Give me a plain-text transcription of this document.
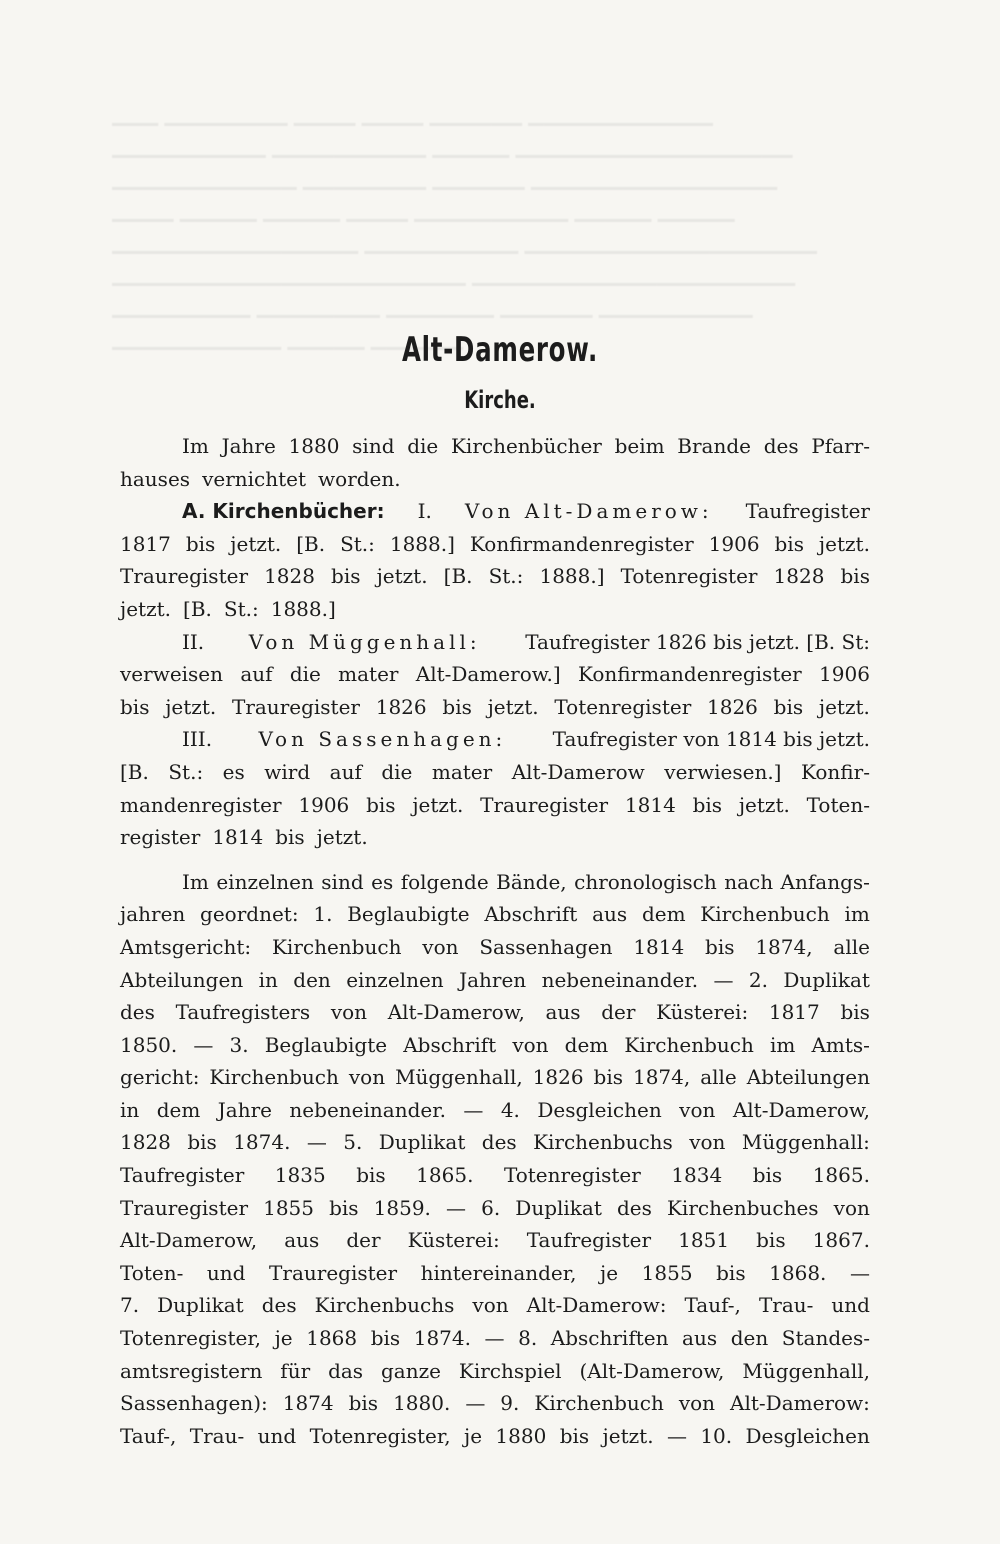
▁▁▁ ▁▁▁▁▁▁▁▁ ▁▁▁▁ ▁▁▁▁ ▁▁▁▁▁▁ ▁▁▁▁▁▁▁▁▁▁▁▁
▁▁▁▁▁▁▁▁▁▁ ▁▁▁▁▁▁▁▁▁▁ ▁▁▁▁▁ ▁▁▁▁▁▁▁▁▁▁▁▁▁▁▁▁▁▁
▁▁▁▁▁▁▁▁▁▁▁▁ ▁▁▁▁▁▁▁▁ ▁▁▁▁▁▁ ▁▁▁▁▁▁▁▁▁▁▁▁▁▁▁▁
▁▁▁▁ ▁▁▁▁▁ ▁▁▁▁▁ ▁▁▁▁ ▁▁▁▁▁▁▁▁▁▁ ▁▁▁▁▁ ▁▁▁▁▁
▁▁▁▁▁▁▁▁▁▁▁▁▁▁▁▁ ▁▁▁▁▁▁▁▁▁▁ ▁▁▁▁▁▁▁▁▁▁▁▁▁▁▁▁▁▁▁
▁▁▁▁▁▁▁▁▁▁▁▁▁▁▁▁▁▁▁▁▁▁▁ ▁▁▁▁▁▁▁▁▁▁▁▁▁▁▁▁▁▁▁▁▁
▁▁▁▁▁▁▁▁▁ ▁▁▁▁▁▁▁▁ ▁▁▁▁▁▁▁ ▁▁▁▁▁▁ ▁▁▁▁▁▁▁▁▁▁
▁▁▁▁▁▁▁▁▁▁▁ ▁▁▁▁▁ ▁▁▁▁▁▁
Alt-Damerow.
Kirche.
Im Jahre 1880 sind die Kirchenbücher beim Brande des Pfarr-
hauses vernichtet worden.
A. Kirchenbücher: I. Von Alt-Damerow: Taufregister
1817 bis jetzt. [B. St.: 1888.] Konfirmandenregister 1906 bis jetzt.
Trauregister 1828 bis jetzt. [B. St.: 1888.] Totenregister 1828 bis
jetzt. [B. St.: 1888.]
II. Von Müggenhall: Taufregister 1826 bis jetzt. [B. St:
verweisen auf die mater Alt-Damerow.] Konfirmandenregister 1906
bis jetzt. Trauregister 1826 bis jetzt. Totenregister 1826 bis jetzt.
III. Von Sassenhagen: Taufregister von 1814 bis jetzt.
[B. St.: es wird auf die mater Alt-Damerow verwiesen.] Konfir-
mandenregister 1906 bis jetzt. Trauregister 1814 bis jetzt. Toten-
register 1814 bis jetzt.
Im einzelnen sind es folgende Bände, chronologisch nach Anfangs-
jahren geordnet: 1. Beglaubigte Abschrift aus dem Kirchenbuch im
Amtsgericht: Kirchenbuch von Sassenhagen 1814 bis 1874, alle
Abteilungen in den einzelnen Jahren nebeneinander. — 2. Duplikat
des Taufregisters von Alt-Damerow, aus der Küsterei: 1817 bis
1850. — 3. Beglaubigte Abschrift von dem Kirchenbuch im Amts-
gericht: Kirchenbuch von Müggenhall, 1826 bis 1874, alle Abteilungen
in dem Jahre nebeneinander. — 4. Desgleichen von Alt-Damerow,
1828 bis 1874. — 5. Duplikat des Kirchenbuchs von Müggenhall:
Taufregister 1835 bis 1865. Totenregister 1834 bis 1865.
Trauregister 1855 bis 1859. — 6. Duplikat des Kirchenbuches von
Alt-Damerow, aus der Küsterei: Taufregister 1851 bis 1867.
Toten- und Trauregister hintereinander, je 1855 bis 1868. —
7. Duplikat des Kirchenbuchs von Alt-Damerow: Tauf-, Trau- und
Totenregister, je 1868 bis 1874. — 8. Abschriften aus den Standes-
amtsregistern für das ganze Kirchspiel (Alt-Damerow, Müggenhall,
Sassenhagen): 1874 bis 1880. — 9. Kirchenbuch von Alt-Damerow:
Tauf-, Trau- und Totenregister, je 1880 bis jetzt. — 10. Desgleichen
